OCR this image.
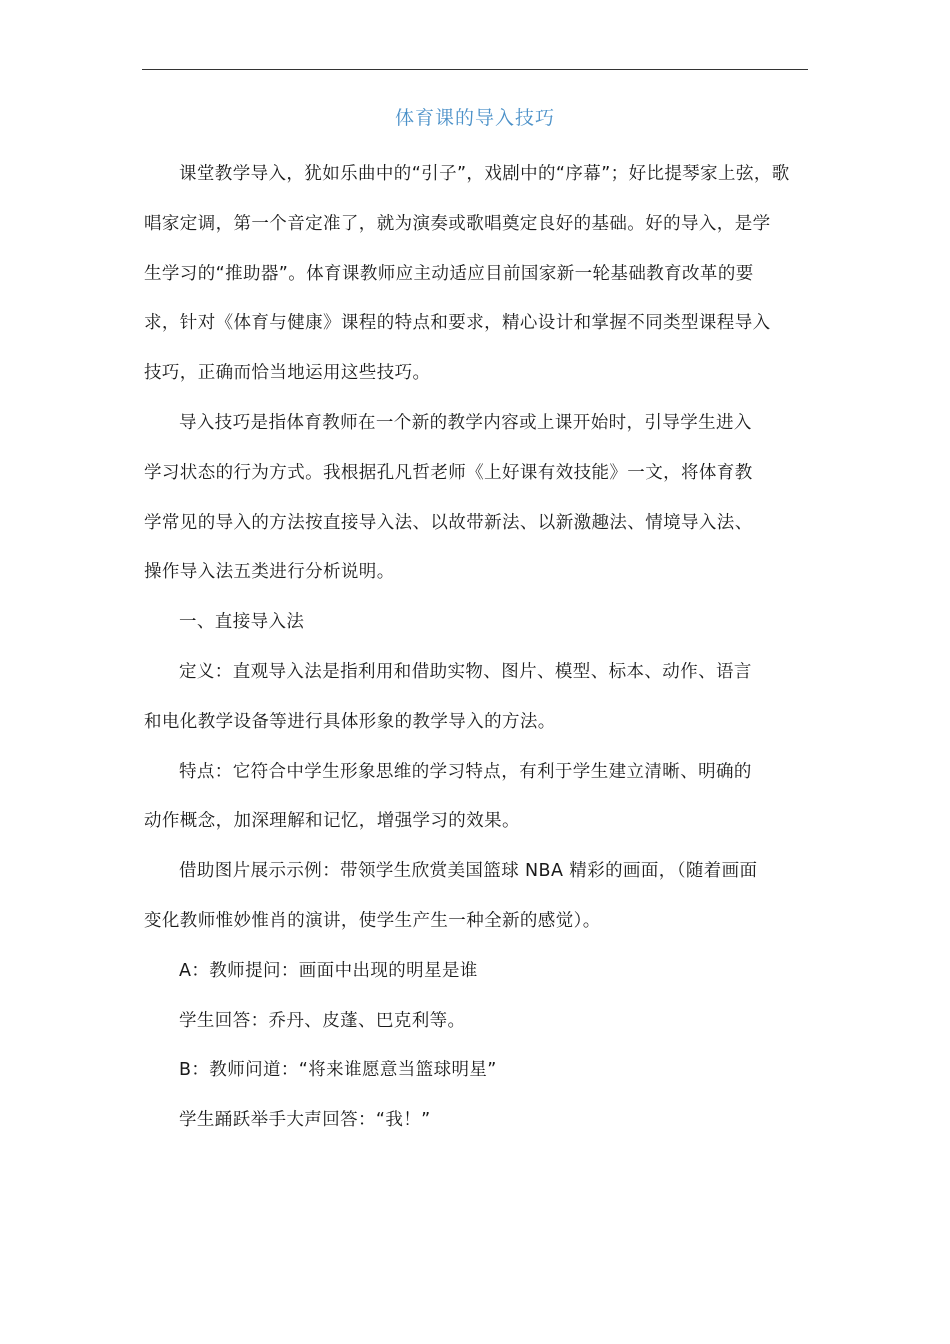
体育课的导入技巧
课堂教学导入，犹如乐曲中的“引子”，戏剧中的“序幕”；好比提琴家上弦，歌
唱家定调，第一个音定准了，就为演奏或歌唱奠定良好的基础。好的导入，是学
生学习的“推助器”。体育课教师应主动适应目前国家新一轮基础教育改革的要
求，针对《体育与健康》课程的特点和要求，精心设计和掌握不同类型课程导入
技巧，正确而恰当地运用这些技巧。
导入技巧是指体育教师在一个新的教学内容或上课开始时，引导学生进入
学习状态的行为方式。我根据孔凡哲老师《上好课有效技能》一文，将体育教
学常见的导入的方法按直接导入法、以故带新法、以新激趣法、情境导入法、
操作导入法五类进行分析说明。
一、直接导入法
定义：直观导入法是指利用和借助实物、图片、模型、标本、动作、语言
和电化教学设备等进行具体形象的教学导入的方法。
特点：它符合中学生形象思维的学习特点，有利于学生建立清晰、明确的
动作概念，加深理解和记忆，增强学习的效果。
借助图片展示示例：带领学生欣赏美国篮球 NBA 精彩的画面，（随着画面
变化教师惟妙惟肖的演讲，使学生产生一种全新的感觉）。
A：教师提问：画面中出现的明星是谁
学生回答：乔丹、皮蓬、巴克利等。
B：教师问道：“将来谁愿意当篮球明星”
学生踊跃举手大声回答：“我！”
